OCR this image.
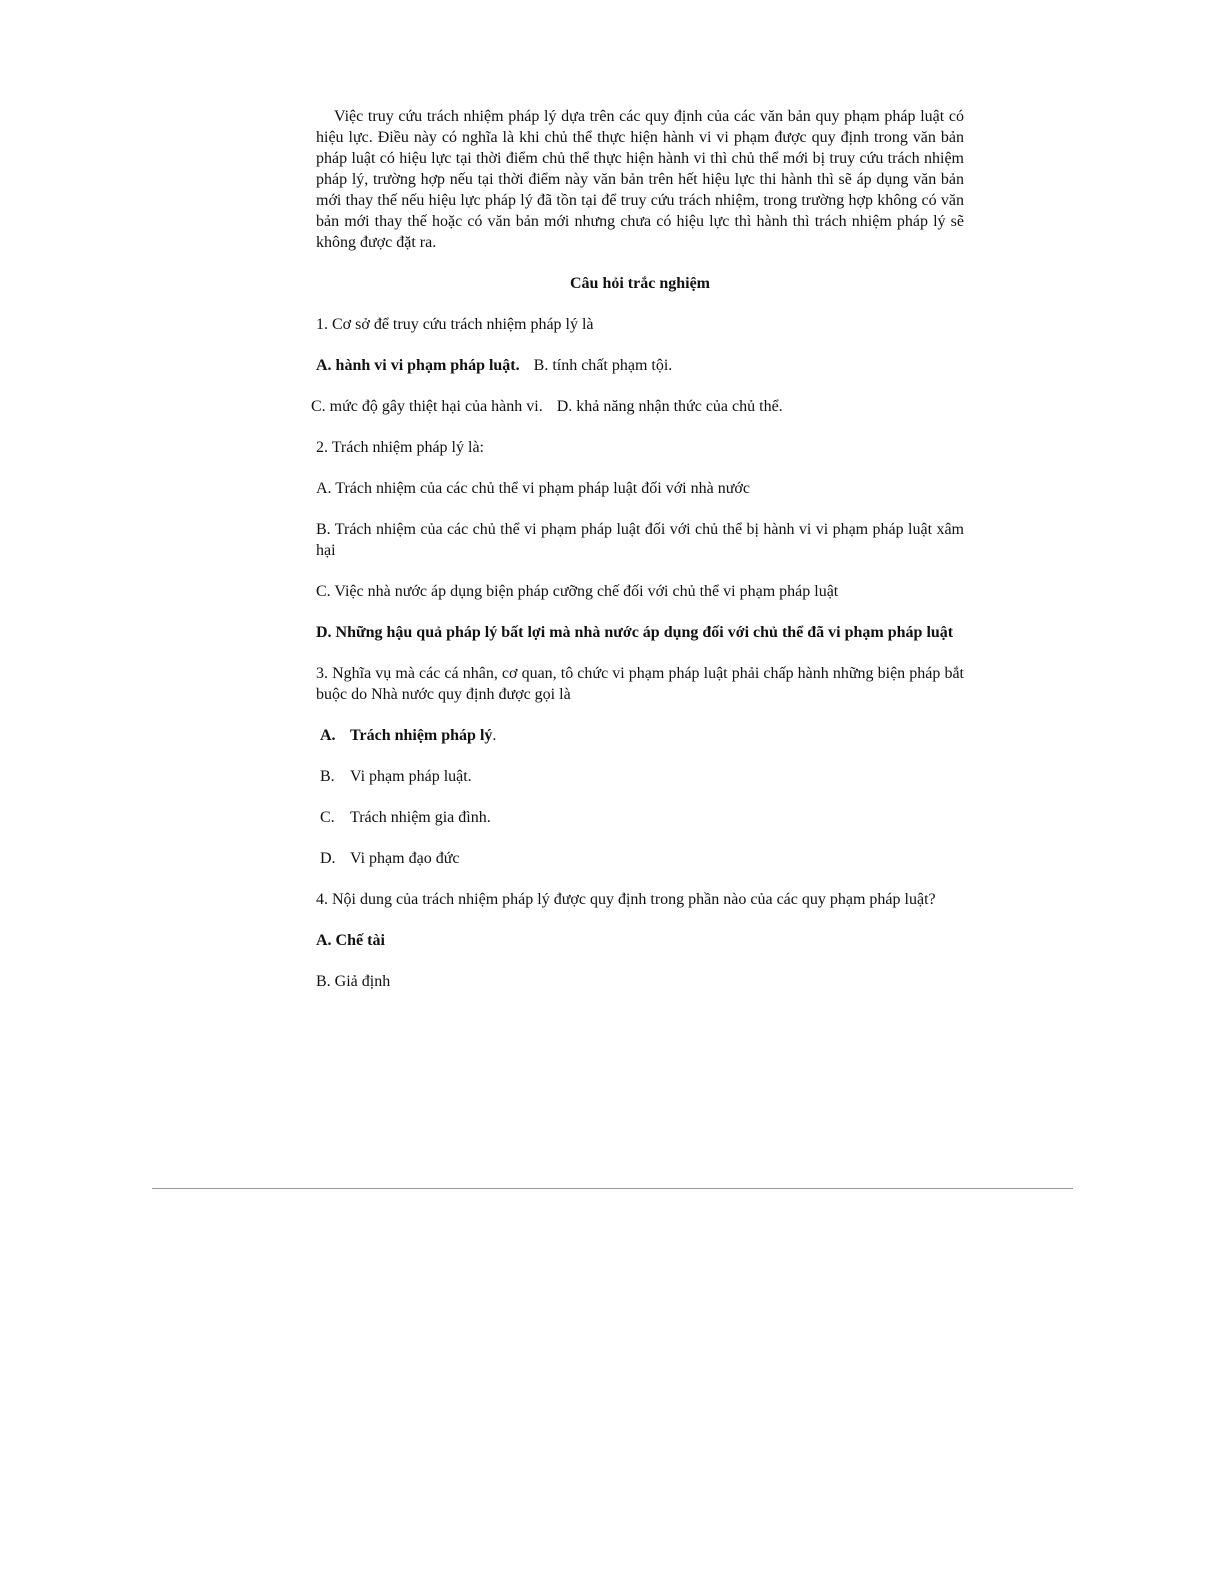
Việc truy cứu trách nhiệm pháp lý dựa trên các quy định của các văn bản quy phạm pháp luật có hiệu lực. Điều này có nghĩa là khi chủ thể thực hiện hành vi vi phạm được quy định trong văn bản pháp luật có hiệu lực tại thời điểm chủ thể thực hiện hành vi thì chủ thể mới bị truy cứu trách nhiệm pháp lý, trường hợp nếu tại thời điểm này văn bản trên hết hiệu lực thi hành thì sẽ áp dụng văn bản mới thay thế nếu hiệu lực pháp lý đã tồn tại để truy cứu trách nhiệm, trong trường hợp không có văn bản mới thay thế hoặc có văn bản mới nhưng chưa có hiệu lực thì hành thì trách nhiệm pháp lý sẽ không được đặt ra.

Câu hỏi trắc nghiệm
1. Cơ sở để truy cứu trách nhiệm pháp lý là
A. hành vi vi phạm pháp luật. B. tính chất phạm tội.
C. mức độ gây thiệt hại của hành vi. D. khả năng nhận thức của chủ thể.
2. Trách nhiệm pháp lý là:
A. Trách nhiệm của các chủ thể vi phạm pháp luật đối với nhà nước
B. Trách nhiệm của các chủ thể vi phạm pháp luật đối với chủ thể bị hành vi vi phạm pháp luật xâm hại
C. Việc nhà nước áp dụng biện pháp cưỡng chế đối với chủ thể vi phạm pháp luật
D. Những hậu quả pháp lý bất lợi mà nhà nước áp dụng đối với chủ thể đã vi phạm pháp luật
3. Nghĩa vụ mà các cá nhân, cơ quan, tô chức vi phạm pháp luật phải chấp hành những biện pháp bắt buộc do Nhà nước quy định được gọi là
A. Trách nhiệm pháp lý.
B. Vi phạm pháp luật.
C. Trách nhiệm gia đình.
D. Vi phạm đạo đức
4. Nội dung của trách nhiệm pháp lý được quy định trong phần nào của các quy phạm pháp luật?
A. Chế tài
B. Giả định
